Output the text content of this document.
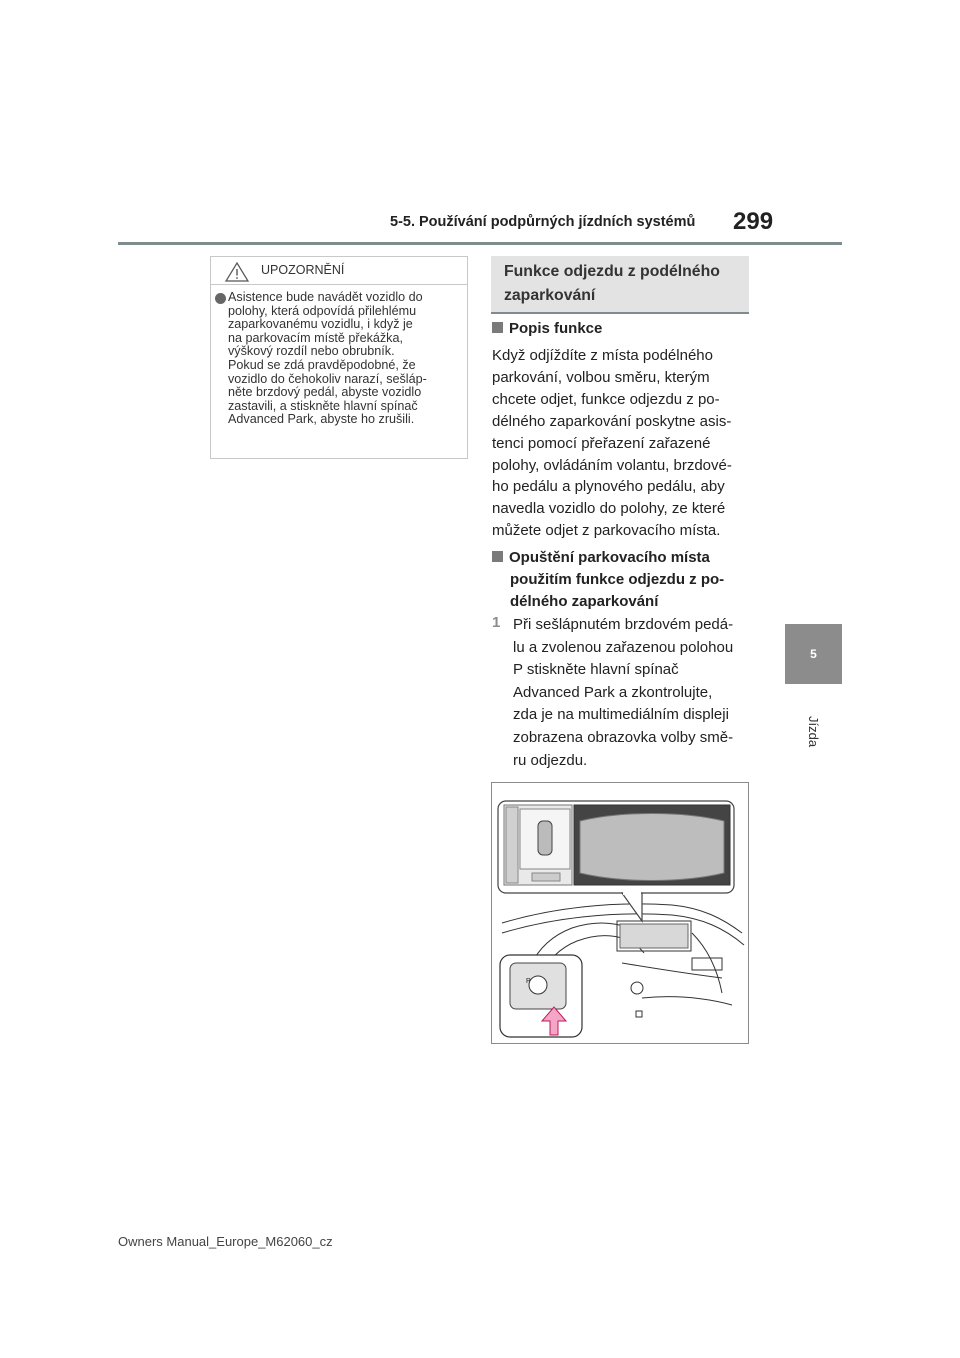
5-5. Používání podpůrných jízdních systémů 299
5
Jízda
UPOZORNĚNÍ
Asistence bude navádět vozidlo do
polohy, která odpovídá přilehlému
zaparkovanému vozidlu, i když je
na parkovacím místě překážka,
výškový rozdíl nebo obrubník.
Pokud se zdá pravděpodobné, že
vozidlo do čehokoliv narazí, sešláp-
něte brzdový pedál, abyste vozidlo
zastavili, a stiskněte hlavní spínač
Advanced Park, abyste ho zrušili.
Funkce odjezdu z podélného
zaparkování
Popis funkce
Když odjíždíte z místa podélného
parkování, volbou směru, kterým
chcete odjet, funkce odjezdu z po-
délného zaparkování poskytne asis-
tenci pomocí přeřazení zařazené
polohy, ovládáním volantu, brzdové-
ho pedálu a plynového pedálu, aby
navedla vozidlo do polohy, ze které
můžete odjet z parkovacího místa.
Opuštění parkovacího místa
použitím funkce odjezdu z po-
délného zaparkování
1 Při sešlápnutém brzdovém pedá-
lu a zvolenou zařazenou polohou
P stiskněte hlavní spínač
Advanced Park a zkontrolujte,
zda je na multimediálním displeji
zobrazena obrazovka volby smě-
ru odjezdu.
P
Owners Manual_Europe_M62060_cz
